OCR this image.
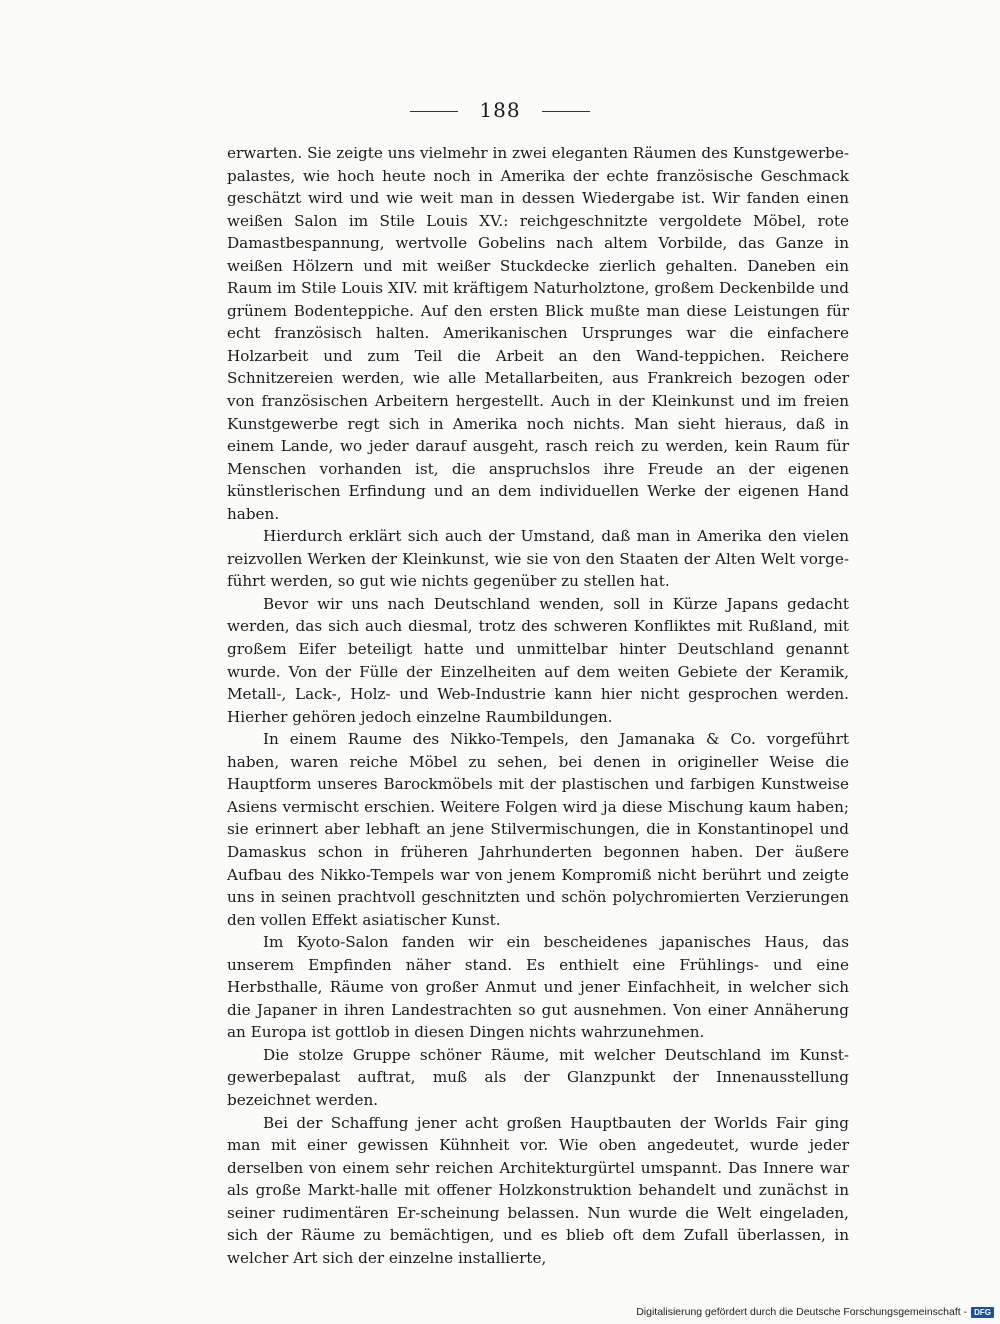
188

erwarten. Sie zeigte uns vielmehr in zwei eleganten Räumen des Kunstgewerbe-palastes, wie hoch heute noch in Amerika der echte französische Geschmack geschätzt wird und wie weit man in dessen Wiedergabe ist. Wir fanden einen weißen Salon im Stile Louis XV.: reichgeschnitzte vergoldete Möbel, rote Damastbespannung, wertvolle Gobelins nach altem Vorbilde, das Ganze in weißen Hölzern und mit weißer Stuckdecke zierlich gehalten. Daneben ein Raum im Stile Louis XIV. mit kräftigem Naturholztone, großem Deckenbilde und grünem Bodenteppiche. Auf den ersten Blick mußte man diese Leistungen für echt französisch halten. Amerikanischen Ursprunges war die einfachere Holzarbeit und zum Teil die Arbeit an den Wand-teppichen. Reichere Schnitzereien werden, wie alle Metallarbeiten, aus Frankreich bezogen oder von französischen Arbeitern hergestellt. Auch in der Kleinkunst und im freien Kunstgewerbe regt sich in Amerika noch nichts. Man sieht hieraus, daß in einem Lande, wo jeder darauf ausgeht, rasch reich zu werden, kein Raum für Menschen vorhanden ist, die anspruchslos ihre Freude an der eigenen künstlerischen Erfindung und an dem individuellen Werke der eigenen Hand haben.

Hierdurch erklärt sich auch der Umstand, daß man in Amerika den vielen reizvollen Werken der Kleinkunst, wie sie von den Staaten der Alten Welt vorge-führt werden, so gut wie nichts gegenüber zu stellen hat.

Bevor wir uns nach Deutschland wenden, soll in Kürze Japans gedacht werden, das sich auch diesmal, trotz des schweren Konfliktes mit Rußland, mit großem Eifer beteiligt hatte und unmittelbar hinter Deutschland genannt wurde. Von der Fülle der Einzelheiten auf dem weiten Gebiete der Keramik, Metall-, Lack-, Holz- und Web-Industrie kann hier nicht gesprochen werden. Hierher gehören jedoch einzelne Raumbildungen.

In einem Raume des Nikko-Tempels, den Jamanaka & Co. vorgeführt haben, waren reiche Möbel zu sehen, bei denen in origineller Weise die Hauptform unseres Barockmöbels mit der plastischen und farbigen Kunstweise Asiens vermischt erschien. Weitere Folgen wird ja diese Mischung kaum haben; sie erinnert aber lebhaft an jene Stilvermischungen, die in Konstantinopel und Damaskus schon in früheren Jahrhunderten begonnen haben. Der äußere Aufbau des Nikko-Tempels war von jenem Kompromiß nicht berührt und zeigte uns in seinen prachtvoll geschnitzten und schön polychromierten Verzierungen den vollen Effekt asiatischer Kunst.

Im Kyoto-Salon fanden wir ein bescheidenes japanisches Haus, das unserem Empfinden näher stand. Es enthielt eine Frühlings- und eine Herbsthalle, Räume von großer Anmut und jener Einfachheit, in welcher sich die Japaner in ihren Landestrachten so gut ausnehmen. Von einer Annäherung an Europa ist gottlob in diesen Dingen nichts wahrzunehmen.

Die stolze Gruppe schöner Räume, mit welcher Deutschland im Kunst-gewerbepalast auftrat, muß als der Glanzpunkt der Innenausstellung bezeichnet werden.

Bei der Schaffung jener acht großen Hauptbauten der Worlds Fair ging man mit einer gewissen Kühnheit vor. Wie oben angedeutet, wurde jeder derselben von einem sehr reichen Architekturgürtel umspannt. Das Innere war als große Markt-halle mit offener Holzkonstruktion behandelt und zunächst in seiner rudimentären Er-scheinung belassen. Nun wurde die Welt eingeladen, sich der Räume zu bemächtigen, und es blieb oft dem Zufall überlassen, in welcher Art sich der einzelne installierte,

Digitalisierung gefördert durch die Deutsche Forschungsgemeinschaft - DFG
